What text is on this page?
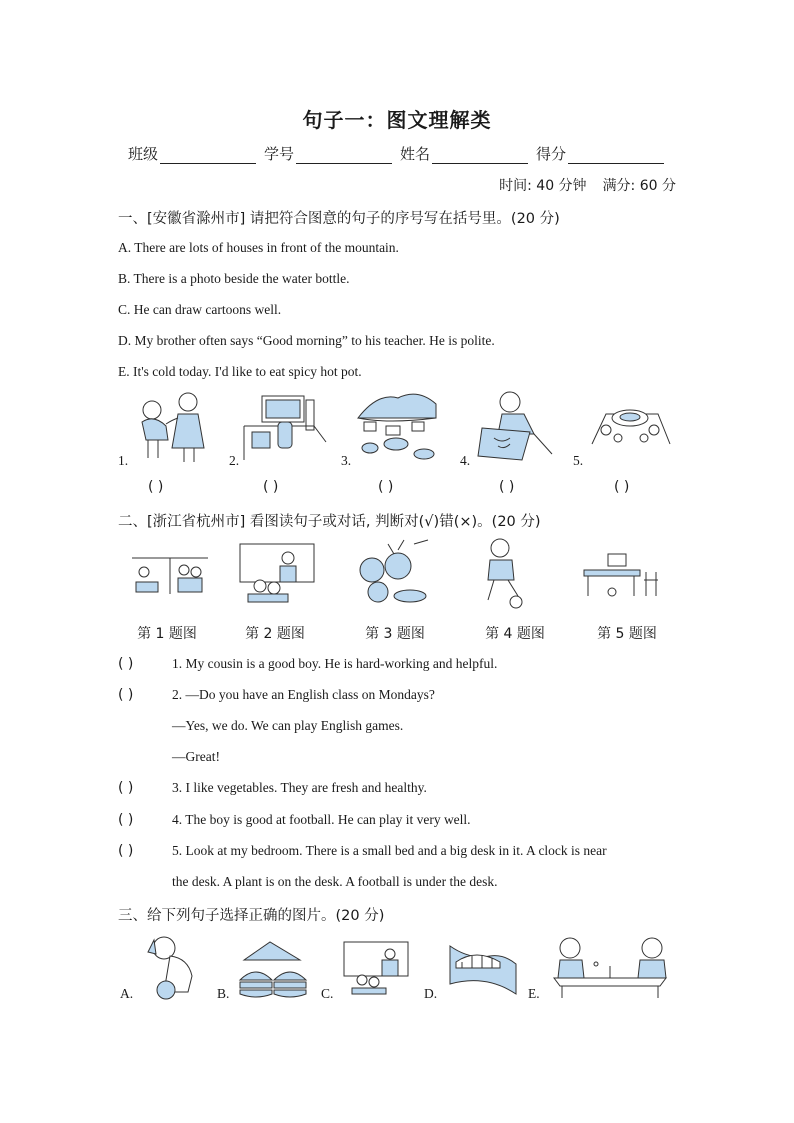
句子一：图文理解类
班级	学号	姓名	得分
时间: 40 分钟 满分: 60 分
一、[安徽省滁州市] 请把符合图意的句子的序号写在括号里。(20 分)
A. There are lots of houses in front of the mountain.
B. There is a photo beside the water bottle.
C. He can draw cartoons well.
D. My brother often says “Good morning” to his teacher. He is polite.
E. It's cold today. I'd like to eat spicy hot pot.
1.	2.	3.	4.	5.
( )	( )	( )	( )	( )
二、[浙江省杭州市] 看图读句子或对话, 判断对(√)错(×)。(20 分)
第 1 题图	第 2 题图	第 3 题图	第 4 题图	第 5 题图
( )	1. My cousin is a good boy. He is hard-working and helpful.
( )	2. —Do you have an English class on Mondays?
—Yes, we do. We can play English games.
—Great!
( )	3. I like vegetables. They are fresh and healthy.
( )	4. The boy is good at football. He can play it very well.
( )	5. Look at my bedroom. There is a small bed and a big desk in it. A clock is near
the desk. A plant is on the desk. A football is under the desk.
三、给下列句子选择正确的图片。(20 分)
A.	B.	C.	D.	E.
